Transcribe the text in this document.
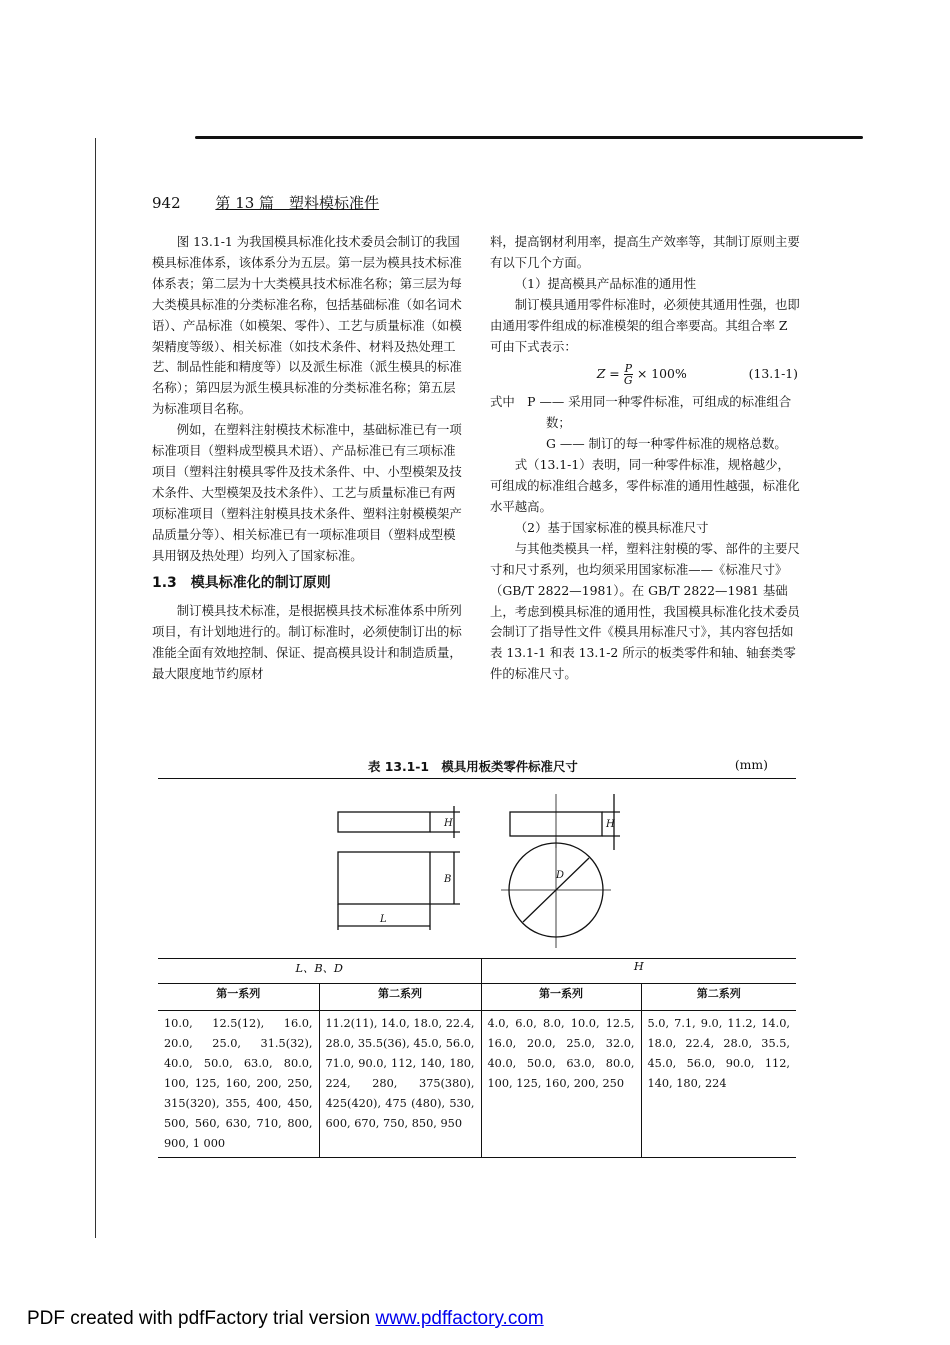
942 第 13 篇　塑料模标准件

图 13.1-1 为我国模具标准化技术委员会制订的我国模具标准体系，该体系分为五层。第一层为模具技术标准体系表；第二层为十大类模具技术标准名称；第三层为每大类模具标准的分类标准名称，包括基础标准（如名词术语）、产品标准（如模架、零件）、工艺与质量标准（如模架精度等级）、相关标准（如技术条件、材料及热处理工艺、制品性能和精度等）以及派生标准（派生模具的标准名称）；第四层为派生模具标准的分类标准名称；第五层为标准项目名称。

例如，在塑料注射模技术标准中，基础标准已有一项标准项目（塑料成型模具术语）、产品标准已有三项标准项目（塑料注射模具零件及技术条件、中、小型模架及技术条件、大型模架及技术条件）、工艺与质量标准已有两项标准项目（塑料注射模具技术条件、塑料注射模模架产品质量分等）、相关标准已有一项标准项目（塑料成型模具用钢及热处理）均列入了国家标准。

1.3　模具标准化的制订原则

制订模具技术标准，是根据模具技术标准体系中所列项目，有计划地进行的。制订标准时，必须使制订出的标准能全面有效地控制、保证、提高模具设计和制造质量，最大限度地节约原材

料，提高钢材利用率，提高生产效率等，其制订原则主要有以下几个方面。

（1）提高模具产品标准的通用性

制订模具通用零件标准时，必须使其通用性强，也即由通用零件组成的标准模架的组合率要高。其组合率 Z 可由下式表示：

$Z = \frac{P}{G} \times 100\%$	(13.1-1)

式中　P —— 采用同一种零件标准，可组成的标准组合数；

G —— 制订的每一种零件标准的规格总数。

式（13.1-1）表明，同一种零件标准，规格越少，可组成的标准组合越多，零件标准的通用性越强，标准化水平越高。

（2）基于国家标准的模具标准尺寸

与其他类模具一样，塑料注射模的零、部件的主要尺寸和尺寸系列，也均须采用国家标准——《标准尺寸》　（GB/T 2822—1981）。在 GB/T 2822—1981 基础上，考虑到模具标准的通用性，我国模具标准化技术委员会制订了指导性文件《模具用标准尺寸》，其内容包括如表 13.1-1 和表 13.1-2 所示的板类零件和轴、轴套类零件的标准尺寸。

表 13.1-1　模具用板类零件标准尺寸	(mm)
H
B
L
H
D
L、B、D		H	
第一系列	第二系列	第一系列	第二系列
10.0, 12.5(12), 16.0, 20.0, 25.0, 31.5(32), 40.0, 50.0, 63.0, 80.0, 100, 125, 160, 200, 250, 315(320), 355, 400, 450, 500, 560, 630, 710, 800, 900, 1 000	11.2(11), 14.0, 18.0, 22.4, 28.0, 35.5(36), 45.0, 56.0, 71.0, 90.0, 112, 140, 180, 224, 280, 375(380), 425(420), 475 (480), 530, 600, 670, 750, 850, 950	4.0, 6.0, 8.0, 10.0, 12.5, 16.0, 20.0, 25.0, 32.0, 40.0, 50.0, 63.0, 80.0, 100, 125, 160, 200, 250	5.0, 7.1, 9.0, 11.2, 14.0, 18.0, 22.4, 28.0, 35.5, 45.0, 56.0, 90.0, 112, 140, 180, 224
PDF created with pdfFactory trial version www.pdffactory.com
